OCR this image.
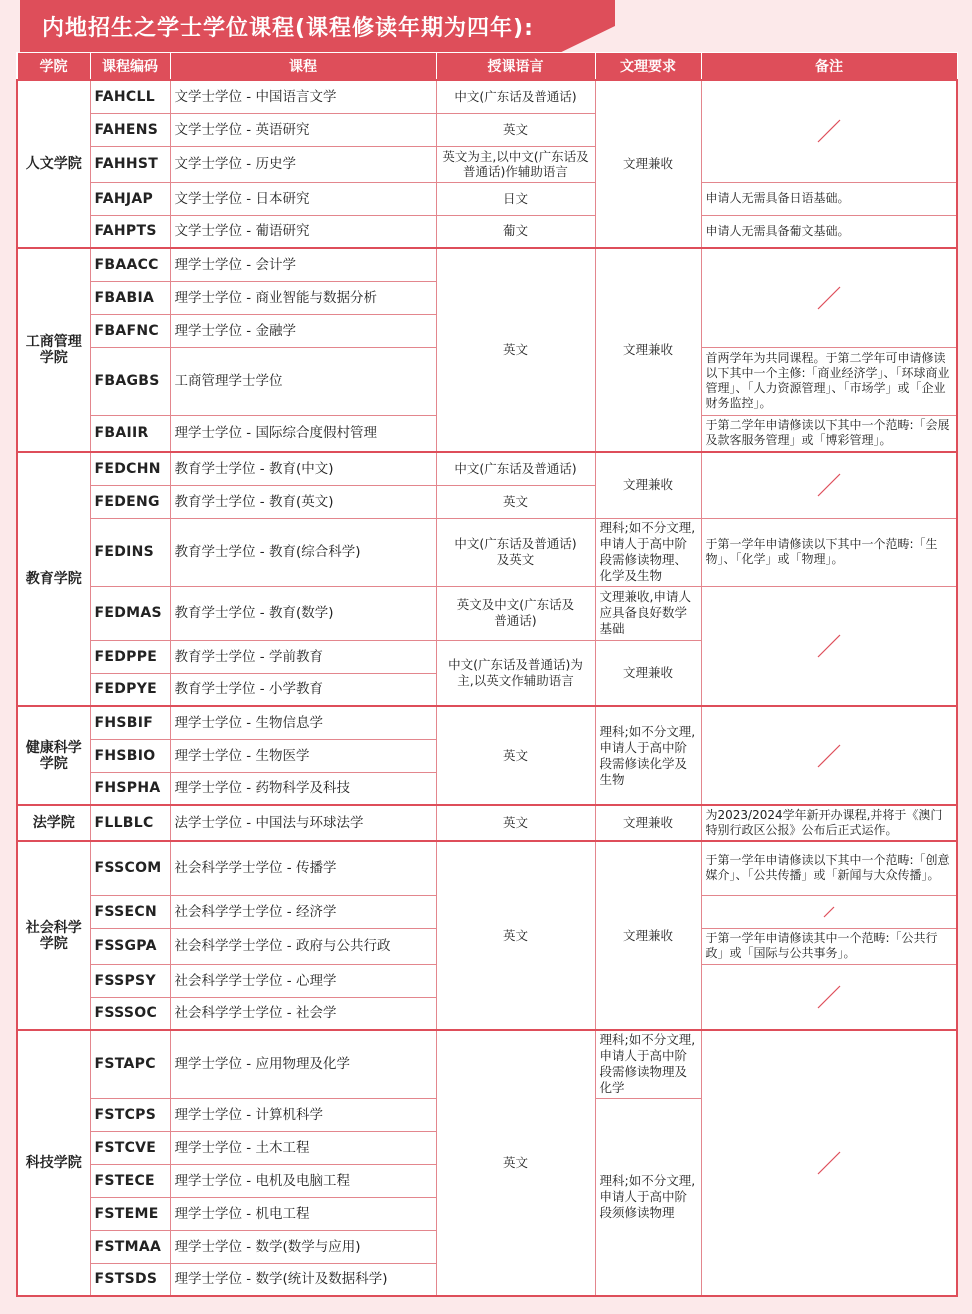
内地招生之学士学位课程(课程修读年期为四年):
学院	课程编码	课程	授课语言	文理要求	备注
人文学院	FAHCLL	文学士学位 - 中国语言文学	中文(广东话及普通话)	文理兼收	

	FAHENS	文学士学位 - 英语研究	英文		
	FAHHST	文学士学位 - 历史学	英文为主,以中文(广东话及普通话)作辅助语言		
	FAHJAP	文学士学位 - 日本研究	日文		申请人无需具备日语基础。
	FAHPTS	文学士学位 - 葡语研究	葡文		申请人无需具备葡文基础。
工商管理学院	FBAACC	理学士学位 - 会计学	英文	文理兼收	

	FBABIA	理学士学位 - 商业智能与数据分析			
	FBAFNC	理学士学位 - 金融学			
	FBAGBS	工商管理学士学位			首两学年为共同课程。于第二学年可申请修读以下其中一个主修:「商业经济学」、「环球商业管理」、「人力资源管理」、「市场学」或「企业财务监控」。
	FBAIIR	理学士学位 - 国际综合度假村管理			于第二学年申请修读以下其中一个范畴:「会展及款客服务管理」或「博彩管理」。
教育学院	FEDCHN	教育学士学位 - 教育(中文)	中文(广东话及普通话)	文理兼收	

	FEDENG	教育学士学位 - 教育(英文)	英文		
	FEDINS	教育学士学位 - 教育(综合科学)	中文(广东话及普通话)及英文	理科;如不分文理,申请人于高中阶段需修读物理、化学及生物	于第一学年申请修读以下其中一个范畴:「生物」、「化学」或「物理」。
	FEDMAS	教育学士学位 - 教育(数学)	英文及中文(广东话及普通话)	文理兼收,申请人应具备良好数学基础	

	FEDPPE	教育学士学位 - 学前教育	中文(广东话及普通话)为主,以英文作辅助语言	文理兼收	
	FEDPYE	教育学士学位 - 小学教育			
健康科学学院	FHSBIF	理学士学位 - 生物信息学	英文	理科;如不分文理,申请人于高中阶段需修读化学及生物	

	FHSBIO	理学士学位 - 生物医学			
	FHSPHA	理学士学位 - 药物科学及科技			
法学院	FLLBLC	法学士学位 - 中国法与环球法学	英文	文理兼收	为2023/2024学年新开办课程,并将于《澳门特别行政区公报》公布后正式运作。
社会科学学院	FSSCOM	社会科学学士学位 - 传播学	英文	文理兼收	于第一学年申请修读以下其中一个范畴:「创意媒介」、「公共传播」或「新闻与大众传播」。
	FSSECN	社会科学学士学位 - 经济学	

	FSSGPA	社会科学学士学位 - 政府与公共行政			于第一学年申请修读其中一个范畴:「公共行政」或「国际与公共事务」。
	FSSPSY	社会科学学士学位 - 心理学	

	FSSSOC	社会科学学士学位 - 社会学			
科技学院	FSTAPC	理学士学位 - 应用物理及化学	英文	理科;如不分文理,申请人于高中阶段需修读物理及化学	

	FSTCPS	理学士学位 - 计算机科学		理科;如不分文理,申请人于高中阶段须修读物理	
	FSTCVE	理学士学位 - 土木工程			
	FSTECE	理学士学位 - 电机及电脑工程			
	FSTEME	理学士学位 - 机电工程			
	FSTMAA	理学士学位 - 数学(数学与应用)			
	FSTSDS	理学士学位 - 数学(统计及数据科学)			
